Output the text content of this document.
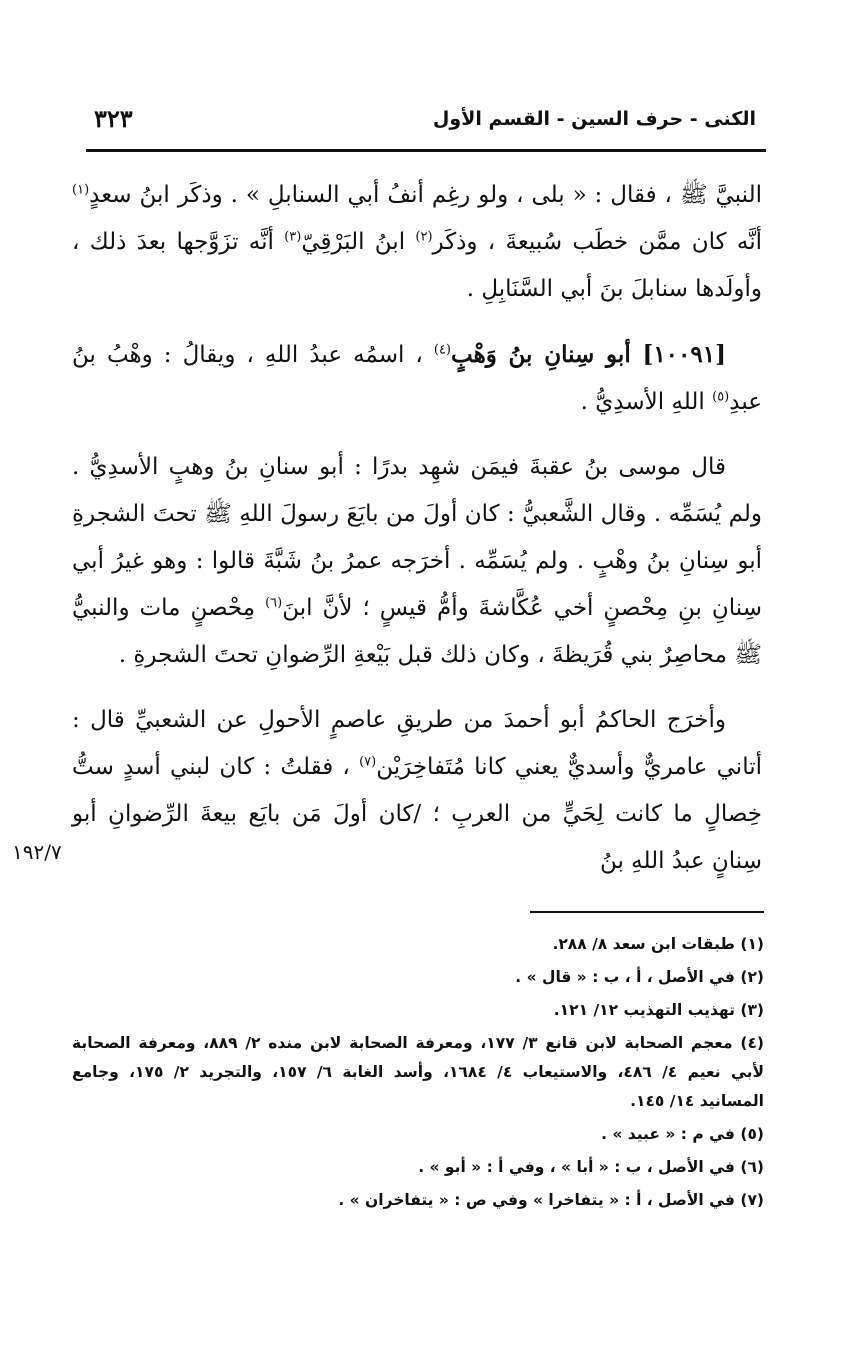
الكنى - حرف السين - القسم الأول
٣٢٣

النبيَّ ﷺ ، فقال : « بلى ، ولو رغِم أنفُ أبي السنابلِ » . وذكَر ابنُ سعدٍ$^{(١)}$ أنَّه كان ممَّن خطَب سُبيعةَ ، وذكَر$^{(٢)}$ ابنُ البَرْقِيّ$^{(٣)}$ أنَّه تزَوَّجها بعدَ ذلك ، وأولَدها سنابلَ بنَ أبي السَّنَابِلِ .

[١٠٠٩١] أبو سِنانِ بنُ وَهْبٍ$^{(٤)}$ ، اسمُه عبدُ اللهِ ، ويقالُ : وهْبُ بنُ عبدِ$^{(٥)}$ اللهِ الأسدِيُّ .

قال موسى بنُ عقبةَ فيمَن شهِد بدرًا : أبو سنانِ بنُ وهبٍ الأسدِيُّ . ولم يُسَمِّه . وقال الشَّعبيُّ : كان أولَ من بايَعَ رسولَ اللهِ ﷺ تحتَ الشجرةِ أبو سِنانِ بنُ وهْبٍ . ولم يُسَمِّه . أخرَجه عمرُ بنُ شَبَّةَ قالوا : وهو غيرُ أبي سِنانِ بنِ مِحْصنٍ أخي عُكَّاشةَ وأمُّ قيسٍ ؛ لأنَّ ابنَ$^{(٦)}$ مِحْصنٍ مات والنبيُّ ﷺ محاصِرٌ بني قُرَيظةَ ، وكان ذلك قبل بَيْعةِ الرِّضوانِ تحتَ الشجرةِ .

وأخرَج الحاكمُ أبو أحمدَ من طريقِ عاصمٍ الأحولِ عن الشعبيِّ قال : أتاني عامريٌّ وأسديٌّ يعني كانا مُتَفاخِرَيْن$^{(٧)}$ ، فقلتُ : كان لبني أسدٍ ستُّ خِصالٍ ما كانت لِحَيٍّ من العربِ ؛ /كان أولَ مَن بايَع بيعةَ الرِّضوانِ أبو سِنانٍ عبدُ اللهِ بنُ

١٩٢/٧

(١) طبقات ابن سعد ٨/ ٢٨٨.

(٢) في الأصل ، أ ، ب : « قال » .

(٣) تهذيب التهذيب ١٢/ ١٢١.

(٤) معجم الصحابة لابن قانع ٣/ ١٧٧، ومعرفة الصحابة لابن منده ٢/ ٨٨٩، ومعرفة الصحابة لأبي نعيم ٤/ ٤٨٦، والاستيعاب ٤/ ١٦٨٤، وأسد الغابة ٦/ ١٥٧، والتجريد ٢/ ١٧٥، وجامع المسانيد ١٤/ ١٤٥.

(٥) في م : « عبيد » .

(٦) في الأصل ، ب : « أبا » ، وفي أ : « أبو » .

(٧) في الأصل ، أ : « يتفاخرا » وفي ص : « يتفاخران » .
